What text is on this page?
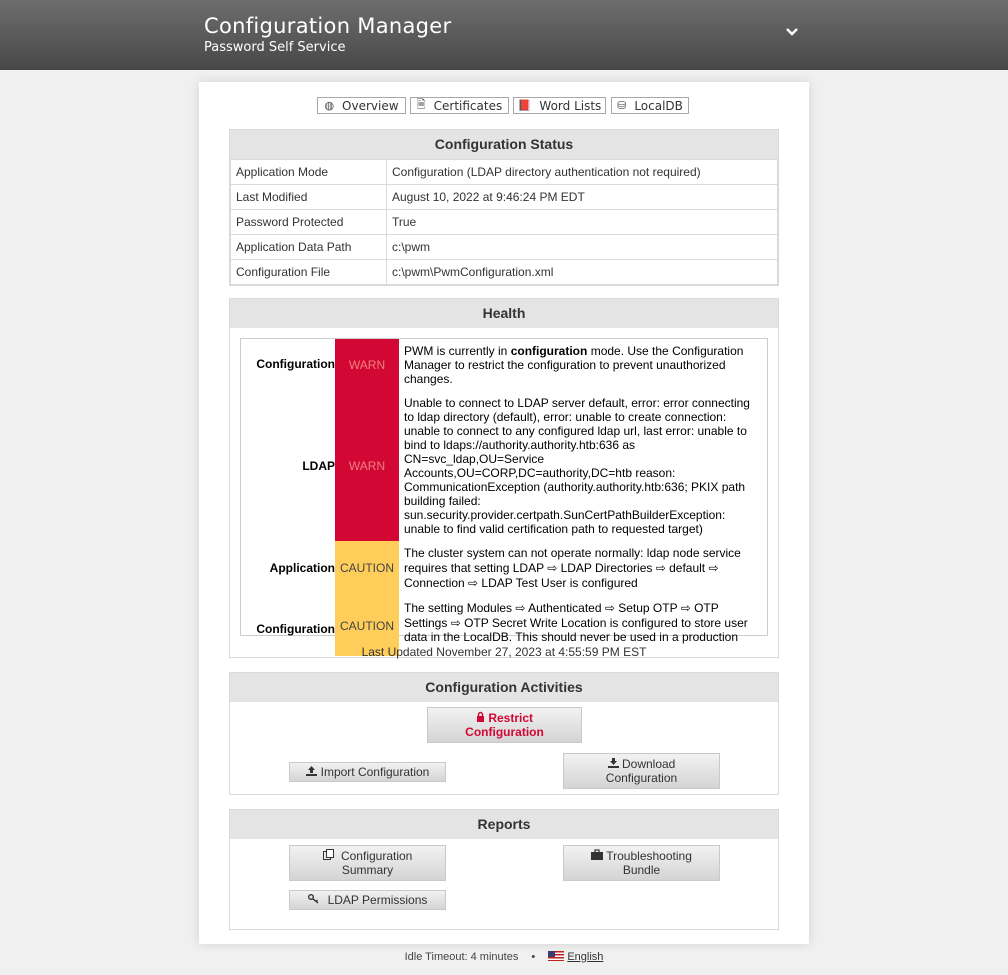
Configuration Manager
Password Self Service
◍ Overview 🗎 Certificates 📕 Word Lists ⛁ LocalDB
Configuration Status
Application Mode	Configuration (LDAP directory authentication not required)
Last Modified	August 10, 2022 at 9:46:24 PM EDT
Password Protected	True
Application Data Path	c:\pwm
Configuration File	c:\pwm\PwmConfiguration.xml
Health
Configuration	WARN
PWM is currently in configuration mode. Use the Configuration Manager to restrict the configuration to prevent unauthorized changes.
LDAP	WARN
Unable to connect to LDAP server default, error: error connecting to ldap directory (default), error: unable to create connection: unable to connect to any configured ldap url, last error: unable to bind to ldaps://authority.authority.htb:636 as CN=svc_ldap,OU=Service Accounts,OU=CORP,DC=authority,DC=htb reason: CommunicationException (authority.authority.htb:636; PKIX path building failed: sun.security.provider.certpath.SunCertPathBuilderException: unable to find valid certification path to requested target)
Application CAUTION
The cluster system can not operate normally: ldap node service requires that setting LDAP ⇨ LDAP Directories ⇨ default ⇨ Connection ⇨ LDAP Test User is configured
Configuration CAUTION
The setting Modules ⇨ Authenticated ⇨ Setup OTP ⇨ OTP Settings ⇨ OTP Secret Write Location is configured to store user data in the LocalDB. This should never be used in a production
Last Updated November 27, 2023 at 4:55:59 PM EST
Configuration Activities
Restrict Configuration
Import Configuration
Download Configuration
Reports
Configuration Summary
Troubleshooting Bundle
LDAP Permissions
Idle Timeout: 4 minutes •	English
